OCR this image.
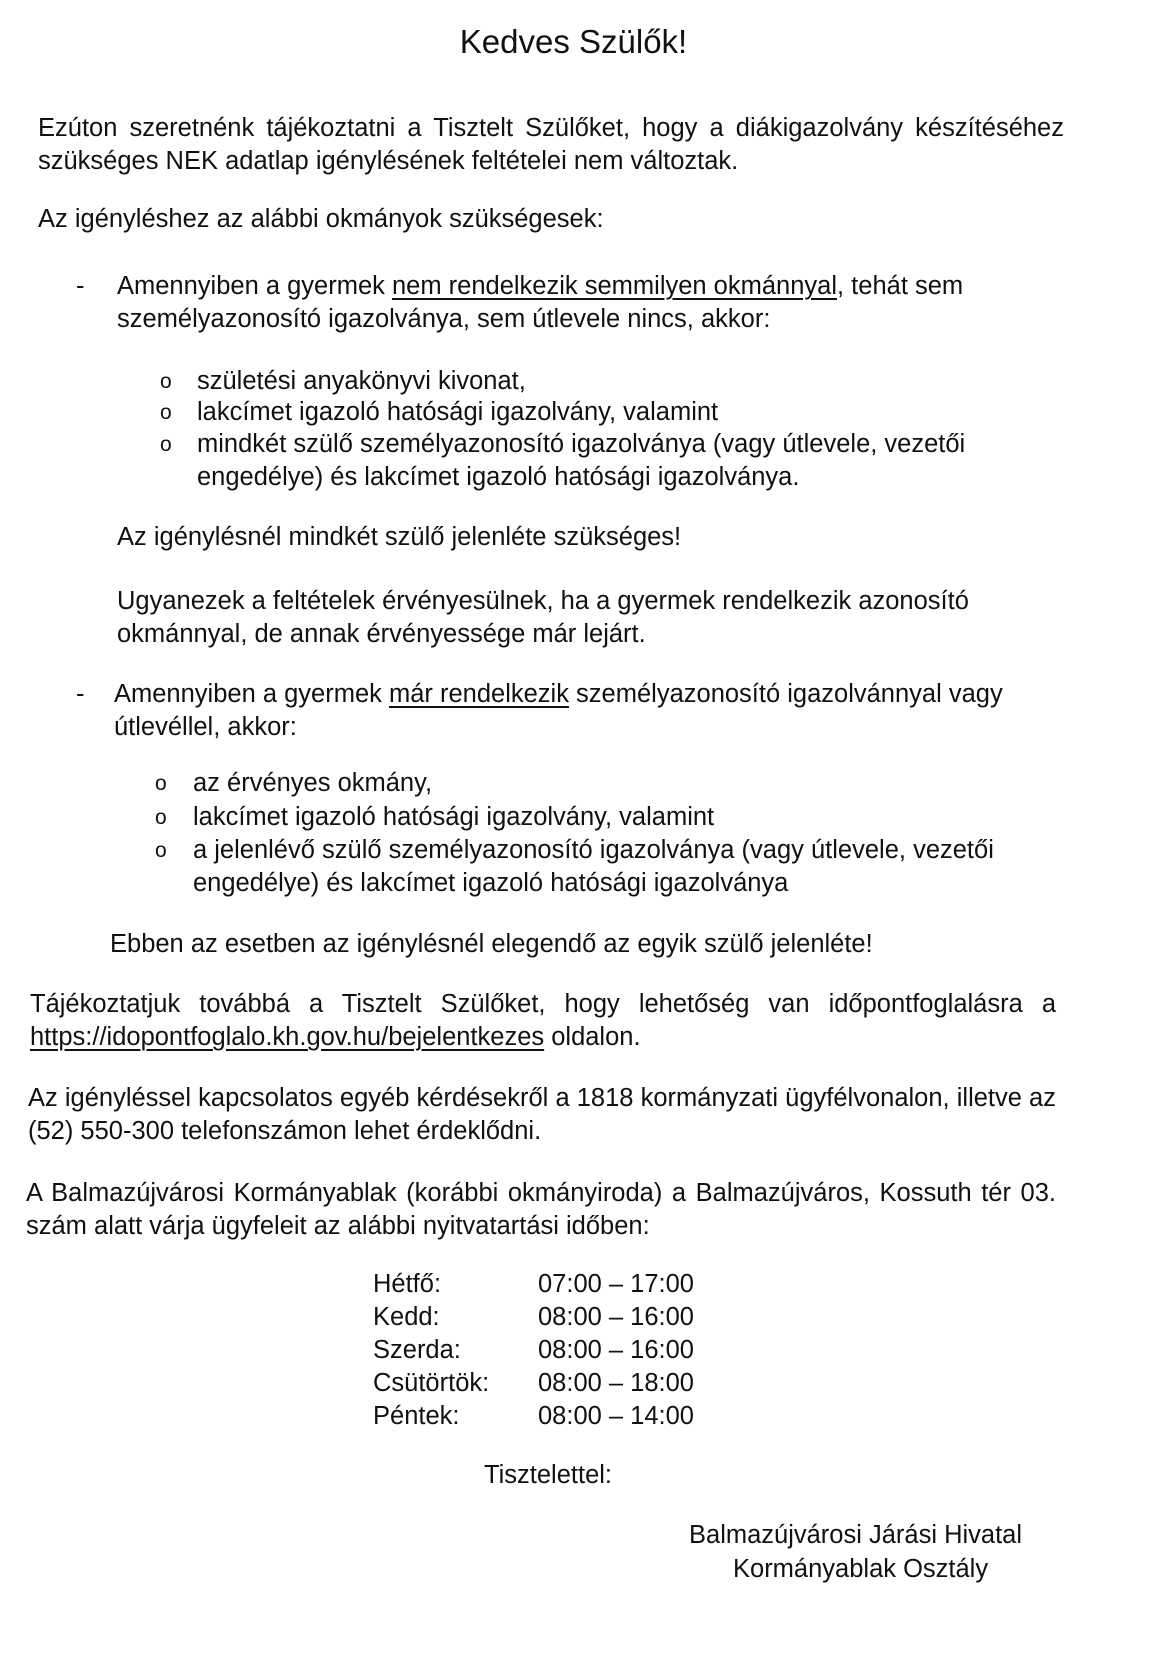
Kedves Szülők!

Ezúton szeretnénk tájékoztatni a Tisztelt Szülőket, hogy a diákigazolvány készítéséhez szükséges NEK adatlap igénylésének feltételei nem változtak.

Az igényléshez az alábbi okmányok szükségesek:

- Amennyiben a gyermek nem rendelkezik semmilyen okmánnyal, tehát sem személyazonosító igazolványa, sem útlevele nincs, akkor:

o születési anyakönyvi kivonat,

o lakcímet igazoló hatósági igazolvány, valamint

o mindkét szülő személyazonosító igazolványa (vagy útlevele, vezetői engedélye) és lakcímet igazoló hatósági igazolványa.

Az igénylésnél mindkét szülő jelenléte szükséges!

Ugyanezek a feltételek érvényesülnek, ha a gyermek rendelkezik azonosító okmánnyal, de annak érvényessége már lejárt.

- Amennyiben a gyermek már rendelkezik személyazonosító igazolvánnyal vagy útlevéllel, akkor:

o az érvényes okmány,

o lakcímet igazoló hatósági igazolvány, valamint

o a jelenlévő szülő személyazonosító igazolványa (vagy útlevele, vezetői engedélye) és lakcímet igazoló hatósági igazolványa

Ebben az esetben az igénylésnél elegendő az egyik szülő jelenléte!

Tájékoztatjuk továbbá a Tisztelt Szülőket, hogy lehetőség van időpontfoglalásra a https://idopontfoglalo.kh.gov.hu/bejelentkezes oldalon.

Az igényléssel kapcsolatos egyéb kérdésekről a 1818 kormányzati ügyfélvonalon, illetve az (52) 550-300 telefonszámon lehet érdeklődni.

A Balmazújvárosi Kormányablak (korábbi okmányiroda) a Balmazújváros, Kossuth tér 03. szám alatt várja ügyfeleit az alábbi nyitvatartási időben:

Hétfő:	07:00 – 17:00
Kedd:	08:00 – 16:00
Szerda:	08:00 – 16:00
Csütörtök:	08:00 – 18:00
Péntek:	08:00 – 14:00
Tisztelettel:
Balmazújvárosi Járási Hivatal
Kormányablak Osztály
